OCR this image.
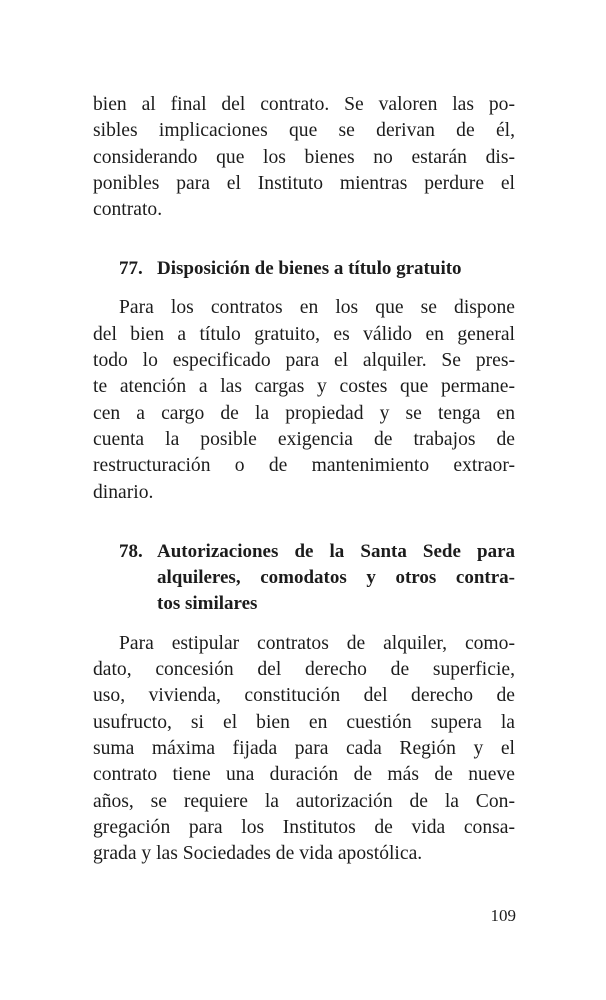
bien al final del contrato. Se valoren las po-
sibles implicaciones que se derivan de él,
considerando que los bienes no estarán dis-
ponibles para el Instituto mientras perdure el
contrato.

77. Disposición de bienes a título gratuito

Para los contratos en los que se dispone
del bien a título gratuito, es válido en general
todo lo especificado para el alquiler. Se pres-
te atención a las cargas y costes que permane-
cen a cargo de la propiedad y se tenga en
cuenta la posible exigencia de trabajos de
restructuración o de mantenimiento extraor-
dinario.

78. Autorizaciones de la Santa Sede para
alquileres, comodatos y otros contra-
tos similares

Para estipular contratos de alquiler, como-
dato, concesión del derecho de superficie,
uso, vivienda, constitución del derecho de
usufructo, si el bien en cuestión supera la
suma máxima fijada para cada Región y el
contrato tiene una duración de más de nueve
años, se requiere la autorización de la Con-
gregación para los Institutos de vida consa-
grada y las Sociedades de vida apostólica.

109
